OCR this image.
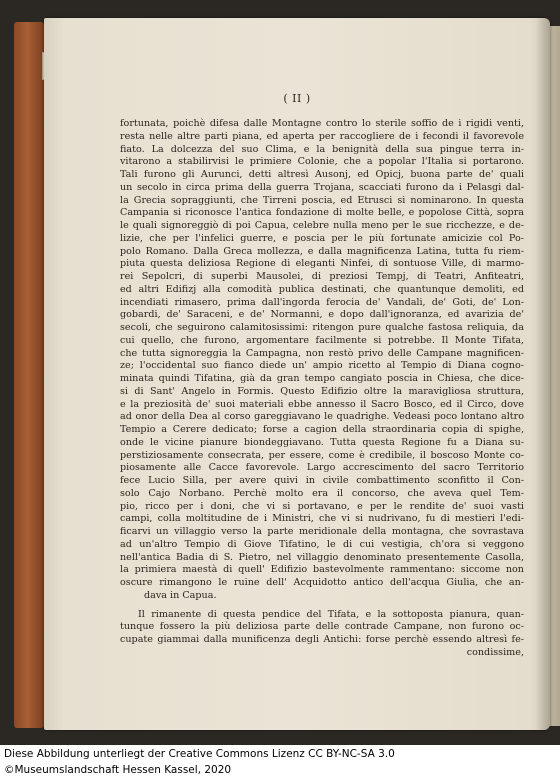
( II )
fortunata, poichè difesa dalle Montagne contro lo sterile soffio de i rigidi venti,
resta nelle altre parti piana, ed aperta per raccogliere de i fecondi il favorevole
fiato. La dolcezza del suo Clima, e la benignità della sua pingue terra in-
vitarono a stabilirvisi le primiere Colonie, che a popolar l'Italia si portarono.
Tali furono gli Aurunci, detti altresì Ausonj, ed Opicj, buona parte de' quali
un secolo in circa prima della guerra Trojana, scacciati furono da i Pelasgi dal-
la Grecia sopraggiunti, che Tirreni poscia, ed Etrusci si nominarono. In questa
Campania si riconosce l'antica fondazione di molte belle, e popolose Città, sopra
le quali signoreggiò di poi Capua, celebre nulla meno per le sue ricchezze, e de-
lizie, che per l'infelici guerre, e poscia per le più fortunate amicizie col Po-
polo Romano. Dalla Greca mollezza, e dalla magnificenza Latina, tutta fu riem-
piuta questa deliziosa Regione di eleganti Ninfei, di sontuose Ville, di marmo-
rei Sepolcri, di superbi Mausolei, di preziosi Tempj, di Teatri, Anfiteatri,
ed altri Edifizj alla comodità publica destinati, che quantunque demoliti, ed
incendiati rimasero, prima dall'ingorda ferocia de' Vandali, de' Goti, de' Lon-
gobardi, de' Saraceni, e de' Normanni, e dopo dall'ignoranza, ed avarizia de'
secoli, che seguirono calamitosissimi: ritengon pure qualche fastosa reliquia, da
cui quello, che furono, argomentare facilmente si potrebbe. Il Monte Tifata,
che tutta signoreggia la Campagna, non restò privo delle Campane magnificen-
ze; l'occidental suo fianco diede un' ampio ricetto al Tempio di Diana cogno-
minata quindi Tifatina, già da gran tempo cangiato poscia in Chiesa, che dice-
si di Sant' Angelo in Formis. Questo Edifizio oltre la maravigliosa struttura,
e la preziosità de' suoi materiali ebbe annesso il Sacro Bosco, ed il Circo, dove
ad onor della Dea al corso gareggiavano le quadrighe. Vedeasi poco lontano altro
Tempio a Cerere dedicato; forse a cagion della straordinaria copia di spighe,
onde le vicine pianure biondeggiavano. Tutta questa Regione fu a Diana su-
perstiziosamente consecrata, per essere, come è credibile, il boscoso Monte co-
piosamente alle Cacce favorevole. Largo accrescimento del sacro Territorio
fece Lucio Silla, per avere quivi in civile combattimento sconfitto il Con-
solo Cajo Norbano. Perchè molto era il concorso, che aveva quel Tem-
pio, ricco per i doni, che vi si portavano, e per le rendite de' suoi vasti
campi, colla moltitudine de i Ministri, che vi si nudrivano, fu di mestieri l'edi-
ficarvi un villaggio verso la parte meridionale della montagna, che sovrastava
ad un'altro Tempio di Giove Tifatino, le di cui vestigia, ch'ora si veggono
nell'antica Badia di S. Pietro, nel villaggio denominato presentemente Casolla,
la primiera maestà di quell' Edifizio bastevolmente rammentano: siccome non
oscure rimangono le ruine dell' Acquidotto antico dell'acqua Giulia, che an-
dava in Capua.
Il rimanente di questa pendice del Tifata, e la sottoposta pianura, quan-
tunque fossero la più deliziosa parte delle contrade Campane, non furono oc-
cupate giammai dalla munificenza degli Antichi: forse perchè essendo altresì fe-
condissime,
Diese Abbildung unterliegt der Creative Commons Lizenz CC BY-NC-SA 3.0
©Museumslandschaft Hessen Kassel, 2020
